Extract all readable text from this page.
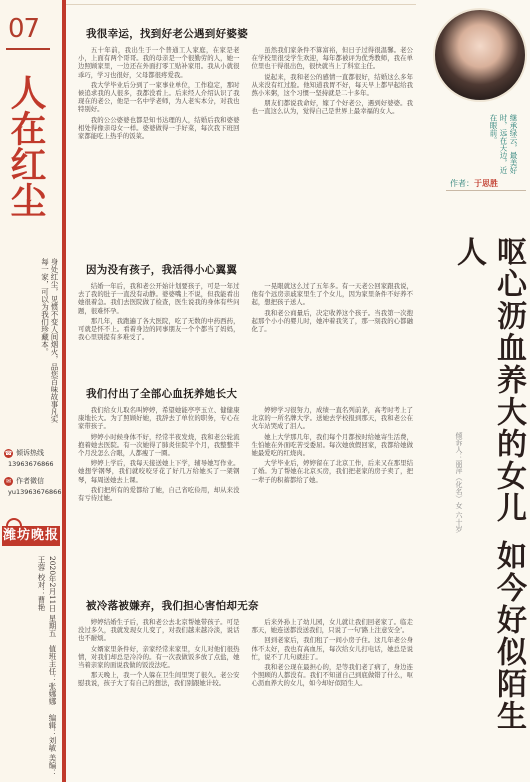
07
人在红尘
身处红尘，见惯不变人间烟火，品您百味故事凡实每一家，可以为我们珍藏本。
☎ 倾诉热线
13963676866
✉ 作者微信
yu13963676866
潍坊晚报
2020年2月11日 星期五 值班主任：张娜娜 编辑：刘敏 美编：王蓉 校对：曹艳
我很幸运，找到好老公遇到好婆婆

五十年前，我出生于一个普通工人家庭，在家是老小，上面有两个哥哥。我的母亲是一个很勤劳的人，她一边照顾家里，一边还在外面打零工贴补家用。我从小就很乖巧，学习也很好，父母都很疼爱我。

我大学毕业后分到了一家事业单位，工作稳定，那时候追求我的人很多，我都没看上。后来经人介绍认识了我现在的老公，他是一名中学老师，为人老实本分，对我也特别好。

我的公公婆婆也都是知书达理的人，结婚后我和婆婆相处得像亲母女一样。婆婆做得一手好菜，每次我下班回家都能吃上热乎的饭菜。

虽然我们家条件不算富裕，但日子过得很温馨。老公在学校里很受学生欢迎，每年都被评为优秀教师，我在单位里也干得很出色，很快就当上了科室主任。

说起来，我和老公的感情一直都很好，结婚这么多年从来没有红过脸。他知道我胃不好，每天早上都早起给我熬小米粥，这个习惯一坚持就是二十多年。

朋友们都说我命好，嫁了个好老公，遇到好婆婆。我也一直这么认为，觉得自己是世界上最幸福的女人。

因为没有孩子，我活得小心翼翼

结婚一年后，我和老公开始计划要孩子，可是一年过去了我的肚子一直没有动静。婆婆嘴上不说，但我能看出她很着急。我们去医院做了检查，医生说我的身体有些问题，很难怀孕。

那几年，我跑遍了各大医院，吃了无数的中药西药，可就是怀不上。看着身边的同事朋友一个个都当了妈妈，我心里别提有多难受了。

一晃眼就这么过了五年多。有一天老公回家跟我说，他有个远房亲戚家里生了个女儿，因为家里条件不好养不起，想把孩子送人。

我和老公商量后，决定收养这个孩子。当我第一次抱起那个小小的婴儿时，她冲着我笑了，那一刻我的心都融化了。

我们付出了全部心血抚养她长大

我们给女儿取名叫婷婷，希望她能亭亭玉立、健健康康地长大。为了照顾好她，我辞去了单位的职务，专心在家带孩子。

婷婷小时候身体不好，经常半夜发烧，我和老公轮流抱着她去医院。有一次她得了肺炎住院半个月，我整整半个月没怎么合眼，人都瘦了一圈。

婷婷上学后，我每天接送她上下学，辅导她写作业。她想学钢琴，我们就咬咬牙花了好几万给她买了一架钢琴，每周送她去上课。

我们把所有的爱都给了她，自己省吃俭用，却从来没有亏待过她。

婷婷学习很努力，成绩一直名列前茅，高考时考上了北京的一所名牌大学。送她去学校报到那天，我和老公在火车站哭成了泪人。

她上大学那几年，我们每个月都按时给她寄生活费，生怕她在外面吃苦受委屈。每次她放假回家，我都给她做她最爱吃的红烧肉。

大学毕业后，婷婷留在了北京工作，后来又在那里结了婚。为了帮她在北京买房，我们把老家的房子卖了，把一辈子的积蓄都给了她。

被冷落被嫌弃，我们担心害怕却无奈

婷婷结婚生子后，我和老公去北京帮她带孩子。可是没过多久，我就发现女儿变了，对我们越来越冷淡，说话也不耐烦。

女婿家里条件好，亲家经常来家里，女儿对他们很热情，对我们却总是冷冷的。有一次我做饭多放了点盐，她当着亲家的面说我做的饭没法吃。

那天晚上，我一个人躲在卫生间里哭了很久。老公安慰我说，孩子大了有自己的想法，我们别跟她计较。

后来外孙上了幼儿园，女儿就让我们回老家了。临走那天，她连送都没送我们，只说了一句'路上注意安全'。

回到老家后，我们租了一间小房子住。这几年老公身体不太好，我也有高血压，每次给女儿打电话，她总是说忙，说不了几句就挂了。

我和老公现在最担心的，是等我们老了病了，身边连个照顾的人都没有。我们不知道自己到底做错了什么，呕心沥血养大的女儿，如今却好似陌生人。

继承绿云，最美好时，远在天边，近在眼前。
作者：于思胜
呕心沥血养大的女儿如今好似陌生人
倾诉人：丽萍（化名）女 六十岁
